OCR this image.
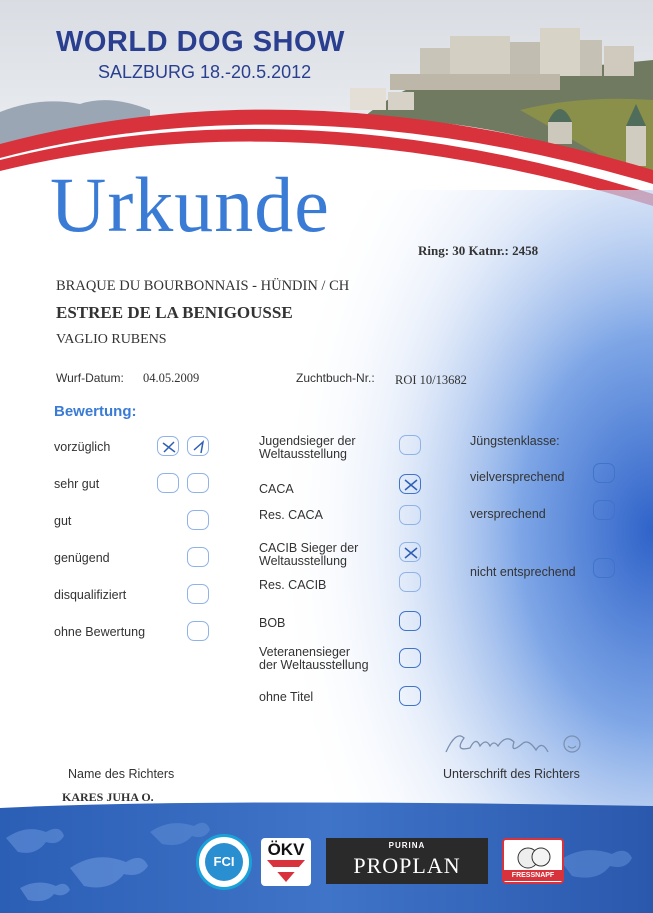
WORLD DOG SHOW
SALZBURG 18.-20.5.2012
Urkunde
Ring: 30 Katnr.: 2458
BRAQUE DU BOURBONNAIS - HÜNDIN / CH
ESTREE DE LA BENIGOUSSE
VAGLIO RUBENS
Wurf-Datum: 04.05.2009	Zuchtbuch-Nr.: ROI 10/13682
Bewertung:
vorzüglich
sehr gut
gut
genügend
disqualifiziert
ohne Bewertung
Jugendsieger der
Weltausstellung
CACA
Res. CACA
CACIB Sieger der
Weltausstellung
Res. CACIB
BOB
Veteranensieger
der Weltausstellung
ohne Titel
Jüngstenklasse:
vielversprechend
versprechend
nicht entsprechend
Name des Richters
KARES JUHA O.
Unterschrift des Richters
FCI
ÖKV	PURINA
PROPLAN	FRESSNAPF
